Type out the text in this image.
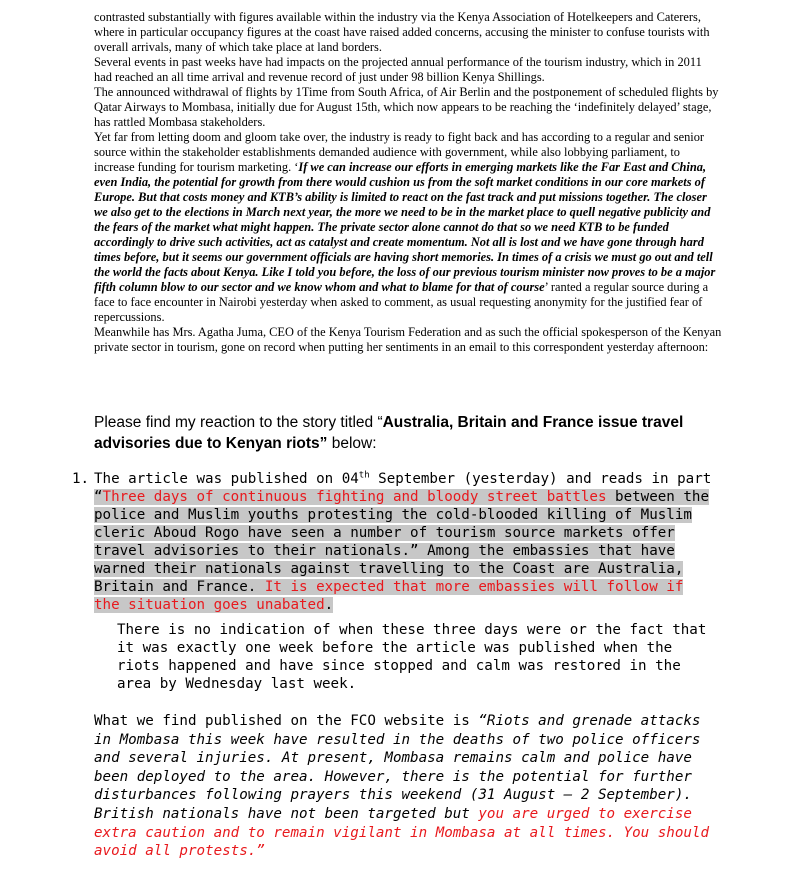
contrasted substantially with figures available within the industry via the Kenya Association of Hotelkeepers and Caterers, where in particular occupancy figures at the coast have raised added concerns, accusing the minister to confuse tourists with overall arrivals, many of which take place at land borders.

Several events in past weeks have had impacts on the projected annual performance of the tourism industry, which in 2011 had reached an all time arrival and revenue record of just under 98 billion Kenya Shillings.

The announced withdrawal of flights by 1Time from South Africa, of Air Berlin and the postponement of scheduled flights by Qatar Airways to Mombasa, initially due for August 15th, which now appears to be reaching the ‘indefinitely delayed’ stage, has rattled Mombasa stakeholders.

Yet far from letting doom and gloom take over, the industry is ready to fight back and has according to a regular and senior source within the stakeholder establishments demanded audience with government, while also lobbying parliament, to increase funding for tourism marketing. ‘If we can increase our efforts in emerging markets like the Far East and China, even India, the potential for growth from there would cushion us from the soft market conditions in our core markets of Europe. But that costs money and KTB’s ability is limited to react on the fast track and put missions together. The closer we also get to the elections in March next year, the more we need to be in the market place to quell negative publicity and the fears of the market what might happen. The private sector alone cannot do that so we need KTB to be funded accordingly to drive such activities, act as catalyst and create momentum. Not all is lost and we have gone through hard times before, but it seems our government officials are having short memories. In times of a crisis we must go out and tell the world the facts about Kenya. Like I told you before, the loss of our previous tourism minister now proves to be a major fifth column blow to our sector and we know whom and what to blame for that of course’ ranted a regular source during a face to face encounter in Nairobi yesterday when asked to comment, as usual requesting anonymity for the justified fear of repercussions.

Meanwhile has Mrs. Agatha Juma, CEO of the Kenya Tourism Federation and as such the official spokesperson of the Kenyan private sector in tourism, gone on record when putting her sentiments in an email to this correspondent yesterday afternoon:

Please find my reaction to the story titled “Australia, Britain and France issue travel advisories due to Kenyan riots” below:
1. The article was published on 04th September (yesterday) and reads in part “Three days of continuous fighting and bloody street battles between the police and Muslim youths protesting the cold-blooded killing of Muslim cleric Aboud Rogo have seen a number of tourism source markets offer travel advisories to their nationals.” Among the embassies that have warned their nationals against travelling to the Coast are Australia, Britain and France. It is expected that more embassies will follow if the situation goes unabated.
There is no indication of when these three days were or the fact that it was exactly one week before the article was published when the riots happened and have since stopped and calm was restored in the area by Wednesday last week.
What we find published on the FCO website is “Riots and grenade attacks in Mombasa this week have resulted in the deaths of two police officers and several injuries. At present, Mombasa remains calm and police have been deployed to the area. However, there is the potential for further disturbances following prayers this weekend (31 August – 2 September). British nationals have not been targeted but you are urged to exercise extra caution and to remain vigilant in Mombasa at all times. You should avoid all protests.”
